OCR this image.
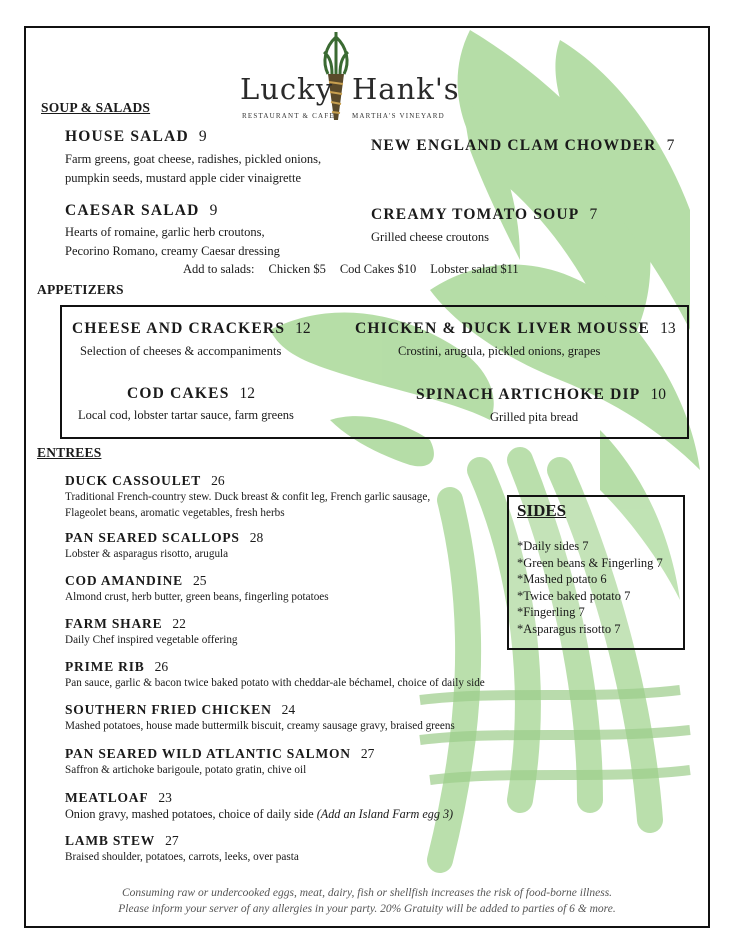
Lucky Hank's
RESTAURANT & CAFE MARTHA'S VINEYARD
SOUP & SALADS
HOUSE SALAD 9
Farm greens, goat cheese, radishes, pickled onions,
pumpkin seeds, mustard apple cider vinaigrette
NEW ENGLAND CLAM CHOWDER 7
CAESAR SALAD 9
Hearts of romaine, garlic herb croutons,
Pecorino Romano, creamy Caesar dressing
CREAMY TOMATO SOUP 7
Grilled cheese croutons
Add to salads: Chicken $5 Cod Cakes $10 Lobster salad $11
APPETIZERS
CHEESE AND CRACKERS 12
Selection of cheeses & accompaniments
CHICKEN & DUCK LIVER MOUSSE 13
Crostini, arugula, pickled onions, grapes
COD CAKES 12
Local cod, lobster tartar sauce, farm greens
SPINACH ARTICHOKE DIP 10
Grilled pita bread
ENTREES
DUCK CASSOULET 26
Traditional French-country stew. Duck breast & confit leg, French garlic sausage,
Flageolet beans, aromatic vegetables, fresh herbs
PAN SEARED SCALLOPS 28
Lobster & asparagus risotto, arugula
COD AMANDINE 25
Almond crust, herb butter, green beans, fingerling potatoes
FARM SHARE 22
Daily Chef inspired vegetable offering
PRIME RIB 26
Pan sauce, garlic & bacon twice baked potato with cheddar-ale béchamel, choice of daily side
SOUTHERN FRIED CHICKEN 24
Mashed potatoes, house made buttermilk biscuit, creamy sausage gravy, braised greens
PAN SEARED WILD ATLANTIC SALMON 27
Saffron & artichoke barigoule, potato gratin, chive oil
MEATLOAF 23
Onion gravy, mashed potatoes, choice of daily side (Add an Island Farm egg 3)
LAMB STEW 27
Braised shoulder, potatoes, carrots, leeks, over pasta
SIDES
*Daily sides 7
*Green beans & Fingerling 7
*Mashed potato 6
*Twice baked potato 7
*Fingerling 7
*Asparagus risotto 7
Consuming raw or undercooked eggs, meat, dairy, fish or shellfish increases the risk of food-borne illness.
Please inform your server of any allergies in your party. 20% Gratuity will be added to parties of 6 & more.
